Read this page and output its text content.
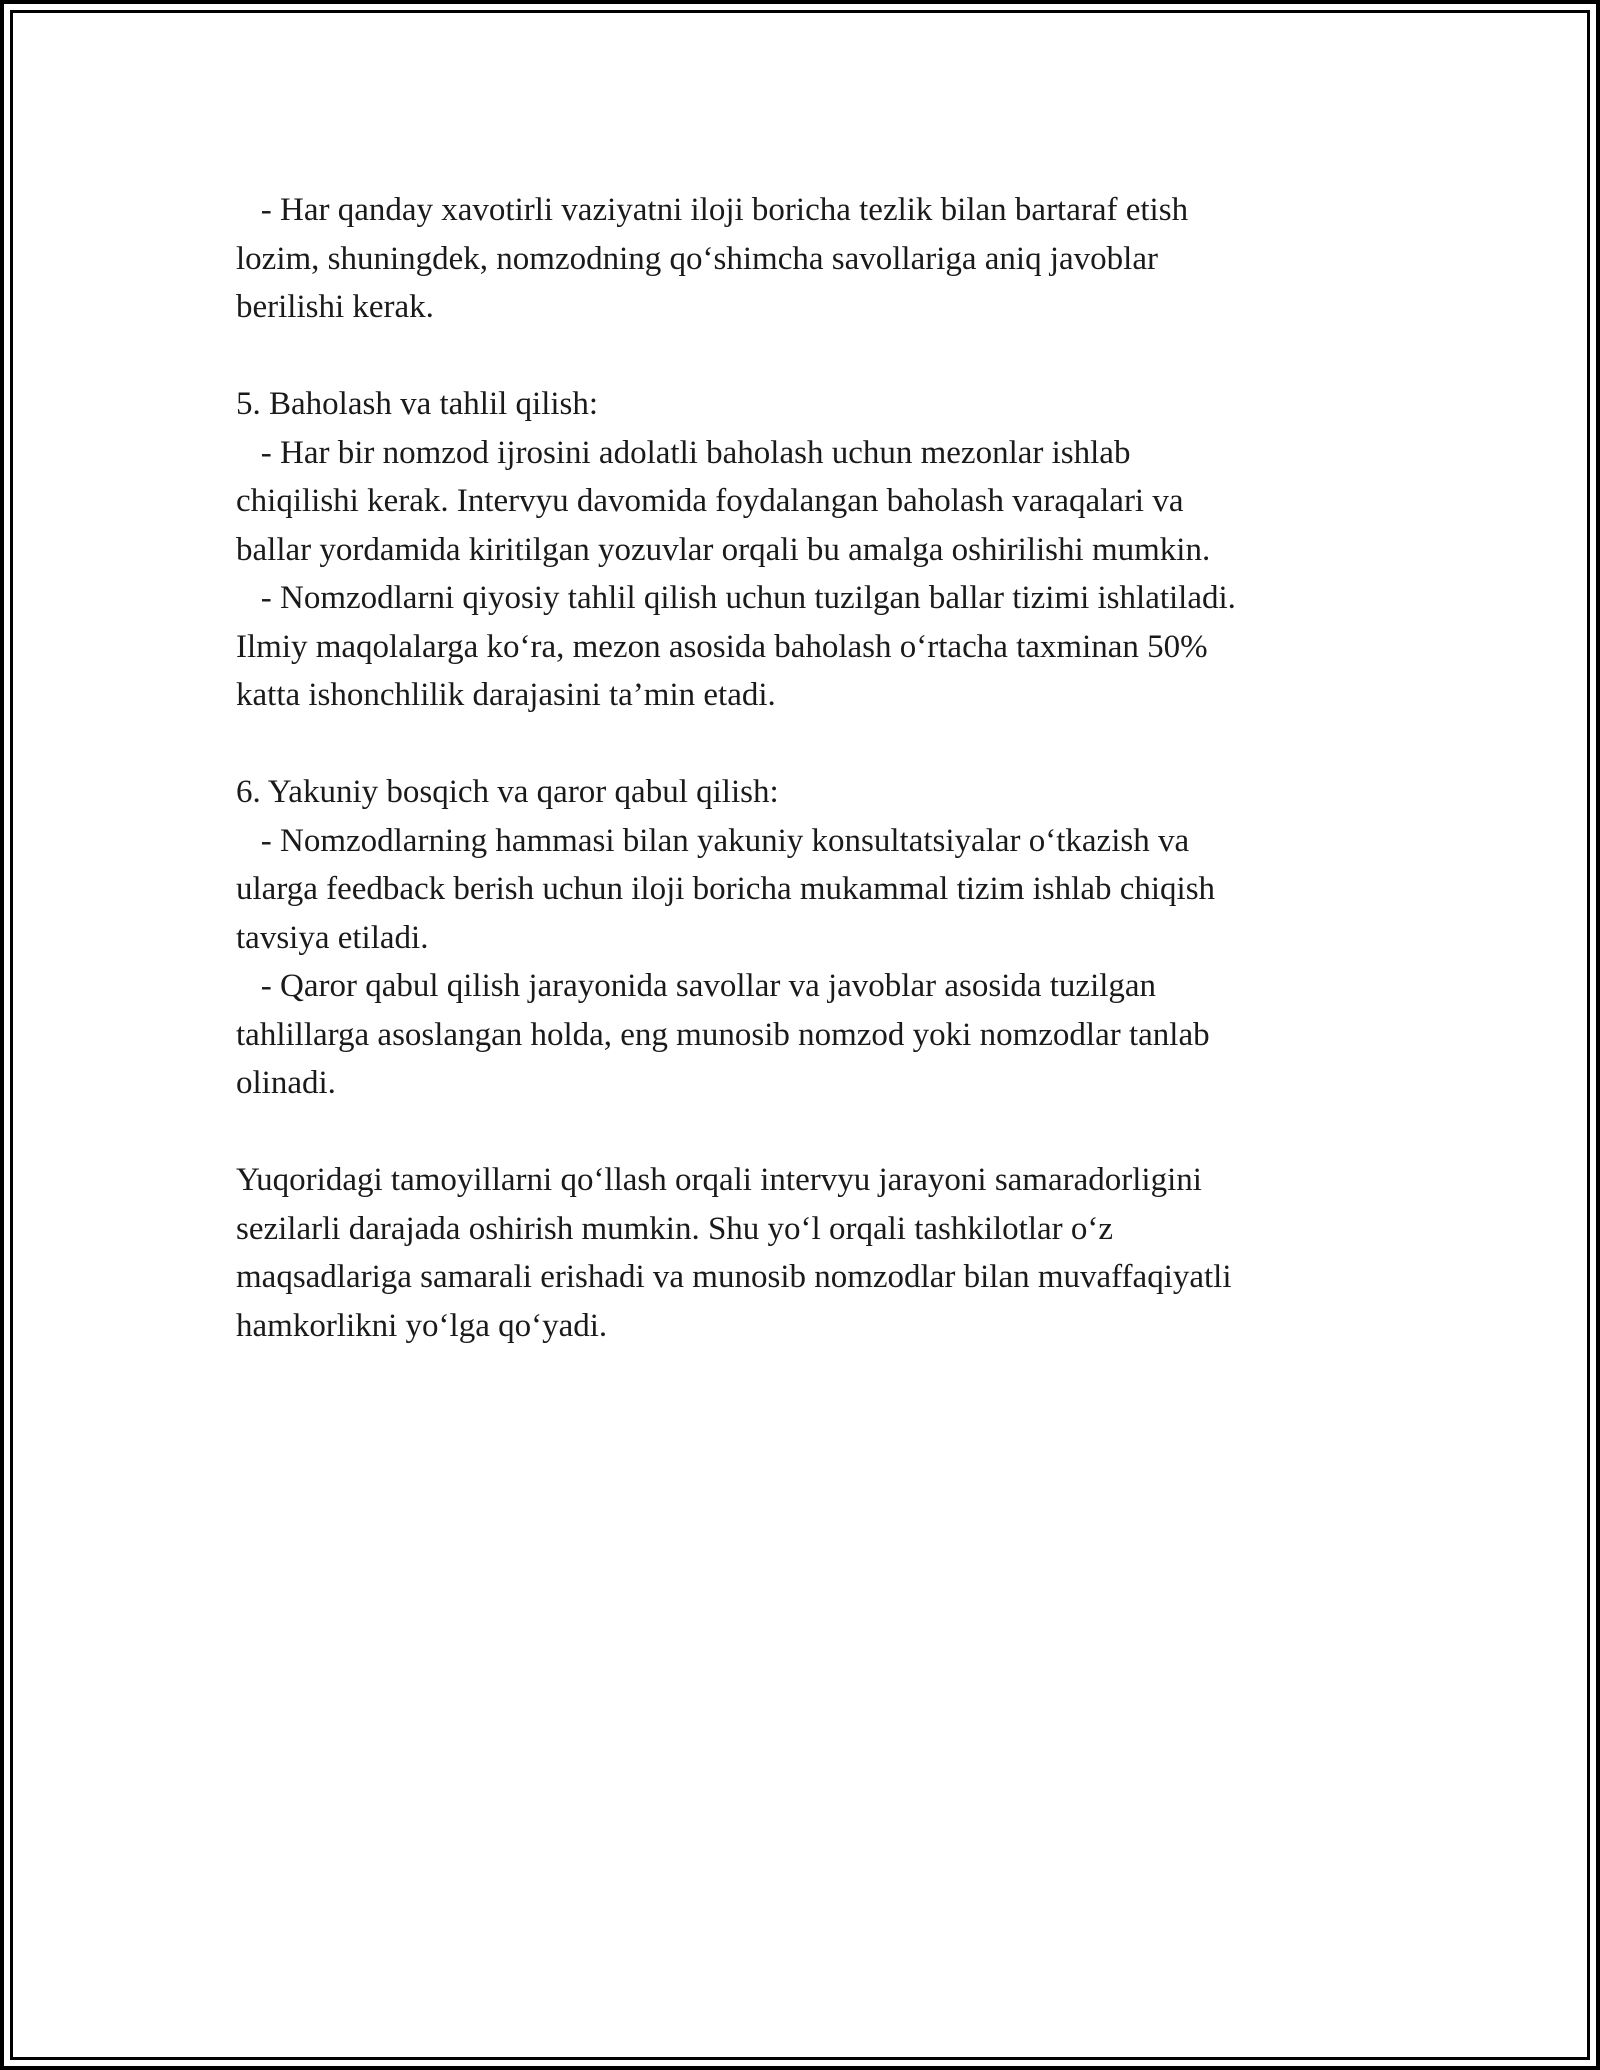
- Har qanday xavotirli vaziyatni iloji boricha tezlik bilan bartaraf etish
lozim, shuningdek, nomzodning qo‘shimcha savollariga aniq javoblar
berilishi kerak.
5. Baholash va tahlil qilish:
- Har bir nomzod ijrosini adolatli baholash uchun mezonlar ishlab
chiqilishi kerak. Intervyu davomida foydalangan baholash varaqalari va
ballar yordamida kiritilgan yozuvlar orqali bu amalga oshirilishi mumkin.
- Nomzodlarni qiyosiy tahlil qilish uchun tuzilgan ballar tizimi ishlatiladi.
Ilmiy maqolalarga ko‘ra, mezon asosida baholash o‘rtacha taxminan 50%
katta ishonchlilik darajasini ta’min etadi.
6. Yakuniy bosqich va qaror qabul qilish:
- Nomzodlarning hammasi bilan yakuniy konsultatsiyalar o‘tkazish va
ularga feedback berish uchun iloji boricha mukammal tizim ishlab chiqish
tavsiya etiladi.
- Qaror qabul qilish jarayonida savollar va javoblar asosida tuzilgan
tahlillarga asoslangan holda, eng munosib nomzod yoki nomzodlar tanlab
olinadi.
Yuqoridagi tamoyillarni qo‘llash orqali intervyu jarayoni samaradorligini
sezilarli darajada oshirish mumkin. Shu yo‘l orqali tashkilotlar o‘z
maqsadlariga samarali erishadi va munosib nomzodlar bilan muvaffaqiyatli
hamkorlikni yo‘lga qo‘yadi.
